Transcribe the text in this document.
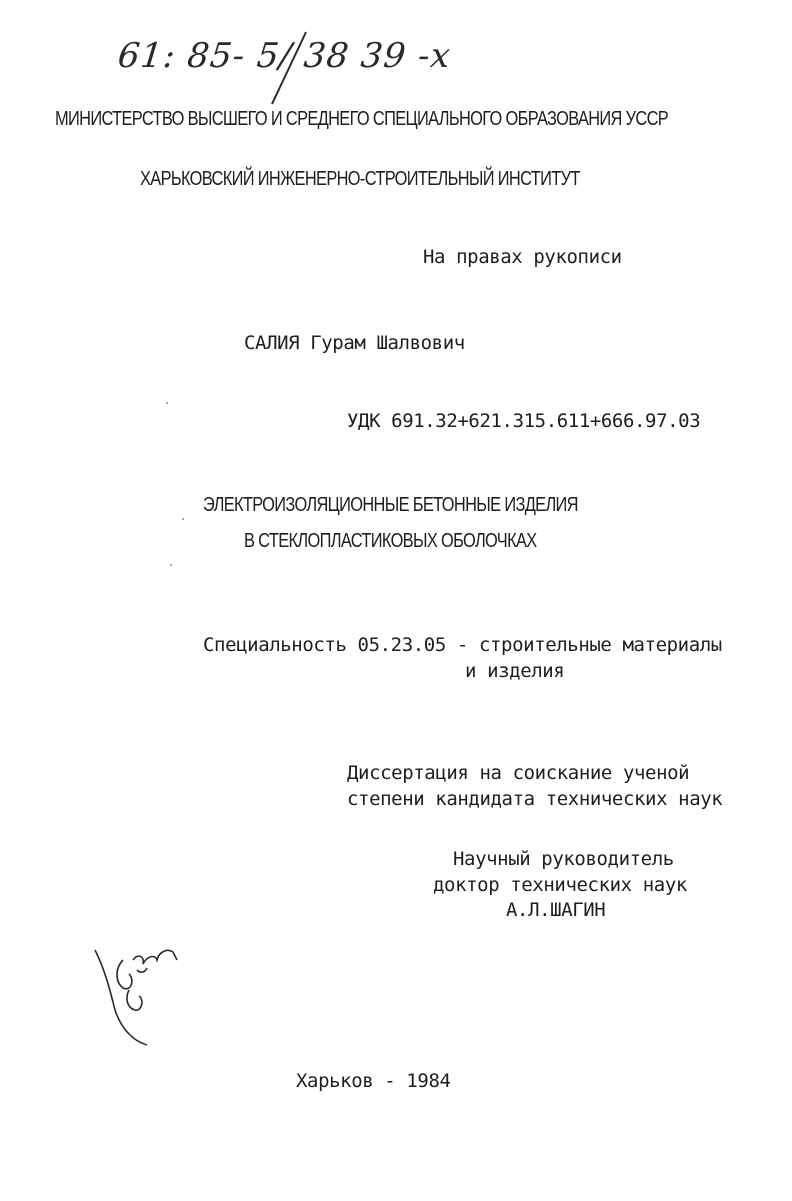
61: 85- 5/ 38 39 -x
МИНИСТЕРСТВО ВЫСШЕГО И СРЕДНЕГО СПЕЦИАЛЬНОГО ОБРАЗОВАНИЯ УССР
ХАРЬКОВСКИЙ ИНЖЕНЕРНО-СТРОИТЕЛЬНЫЙ ИНСТИТУТ
На правах рукописи
САЛИЯ Гурам Шалвович
УДК 691.32+621.315.611+666.97.03
ЭЛЕКТРОИЗОЛЯЦИОННЫЕ БЕТОННЫЕ ИЗДЕЛИЯ
В СТЕКЛОПЛАСТИКОВЫХ ОБОЛОЧКАХ
Специальность 05.23.05 - строительные материалы
и изделия
Диссертация на соискание ученой
степени кандидата технических наук
Научный руководитель
доктор технических наук
А.Л.ШАГИН
Харьков - 1984
